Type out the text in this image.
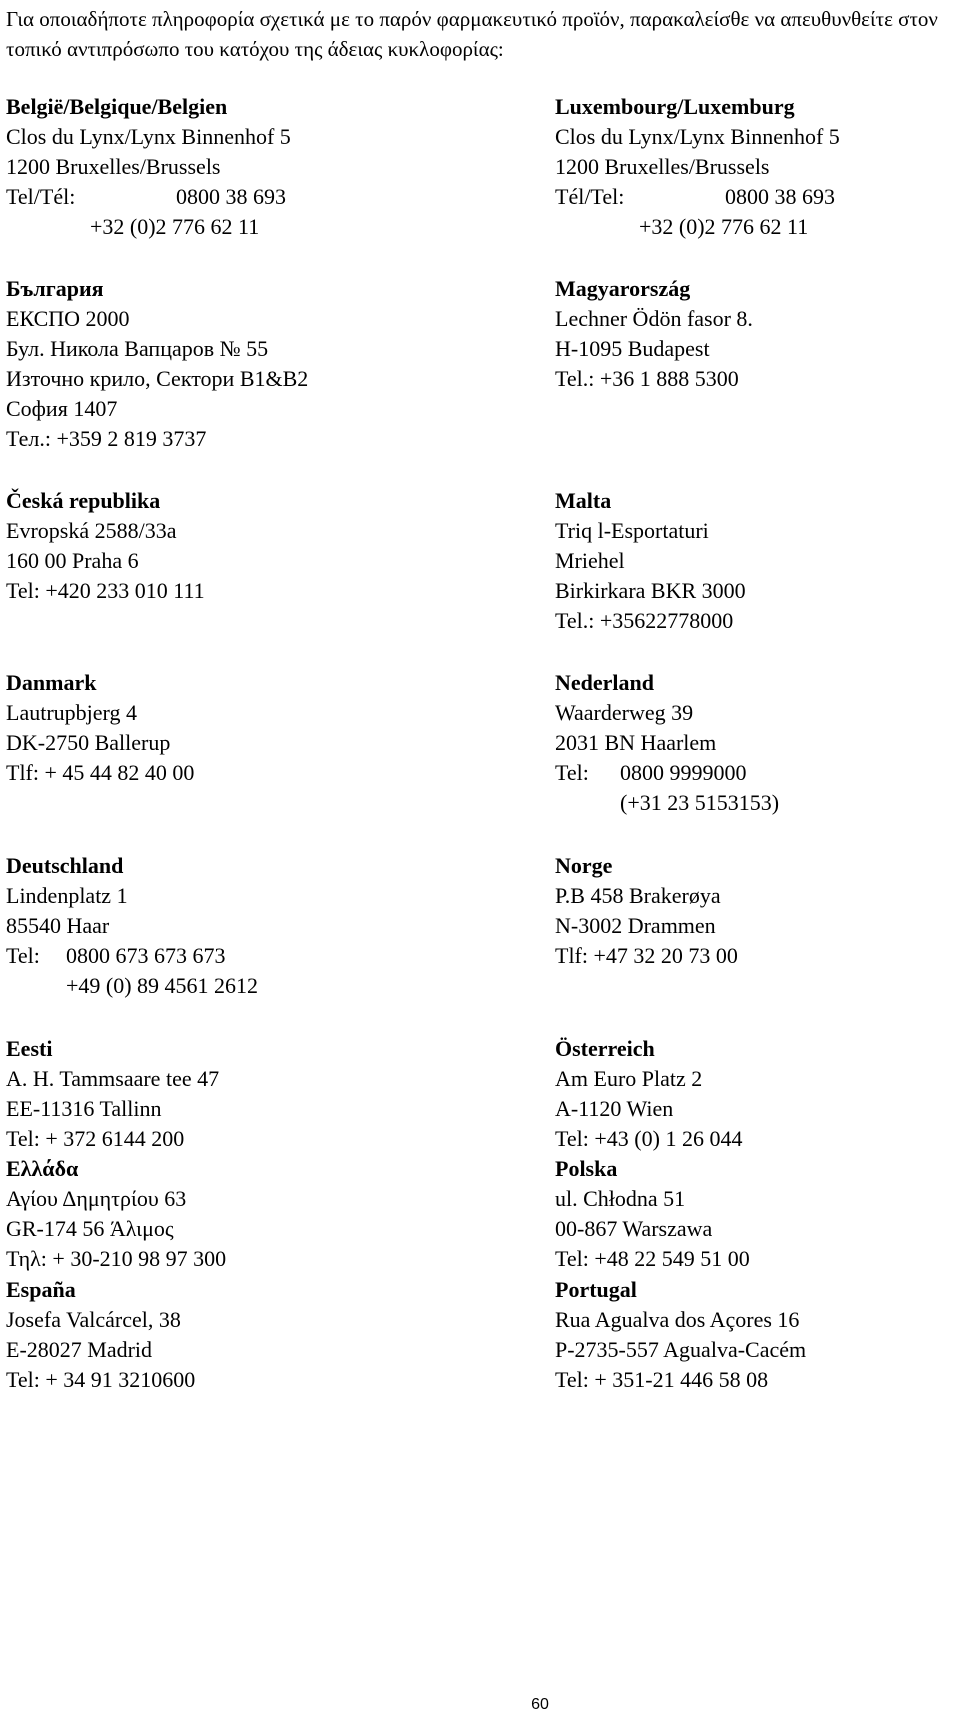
Για οποιαδήποτε πληροφορία σχετικά με το παρόν φαρμακευτικό προϊόν, παρακαλείσθε να απευθυνθείτε στον τοπικό αντιπρόσωπο του κατόχου της άδειας κυκλοφορίας:

België/Belgique/Belgien
Clos du Lynx/Lynx Binnenhof 5
1200 Bruxelles/Brussels
Tel/Tél:	0800 38 693
+32 (0)2 776 62 11
България
ЕКСПО 2000
Бул. Никола Вапцаров № 55
Източно крило, Сектори B1&B2
София 1407
Тел.: +359 2 819 3737
Česká republika
Evropská 2588/33a
160 00 Praha 6
Tel: +420 233 010 111
Danmark
Lautrupbjerg 4
DK-2750 Ballerup
Tlf: + 45 44 82 40 00
Deutschland
Lindenplatz 1
85540 Haar
Tel: 0800 673 673 673
+49 (0) 89 4561 2612
Eesti
A. H. Tammsaare tee 47
EE-11316 Tallinn
Tel: + 372 6144 200
Ελλάδα
Αγίου Δημητρίου 63
GR-174 56 Άλιμος
Τηλ: + 30-210 98 97 300
España
Josefa Valcárcel, 38
E-28027 Madrid
Tel: + 34 91 3210600
Luxembourg/Luxemburg
Clos du Lynx/Lynx Binnenhof 5
1200 Bruxelles/Brussels
Tél/Tel:	0800 38 693
+32 (0)2 776 62 11
Magyarország
Lechner Ödön fasor 8.
H-1095 Budapest
Tel.: +36 1 888 5300
Malta
Triq l-Esportaturi
Mriehel
Birkirkara BKR 3000
Tel.: +35622778000
Nederland
Waarderweg 39
2031 BN Haarlem
Tel: 0800 9999000
(+31 23 5153153)
Norge
P.B 458 Brakerøya
N-3002 Drammen
Tlf: +47 32 20 73 00
Österreich
Am Euro Platz 2
A-1120 Wien
Tel: +43 (0) 1 26 044
Polska
ul. Chłodna 51
00-867 Warszawa
Tel: +48 22 549 51 00
Portugal
Rua Agualva dos Açores 16
P-2735-557 Agualva-Cacém
Tel: + 351-21 446 58 08
60
